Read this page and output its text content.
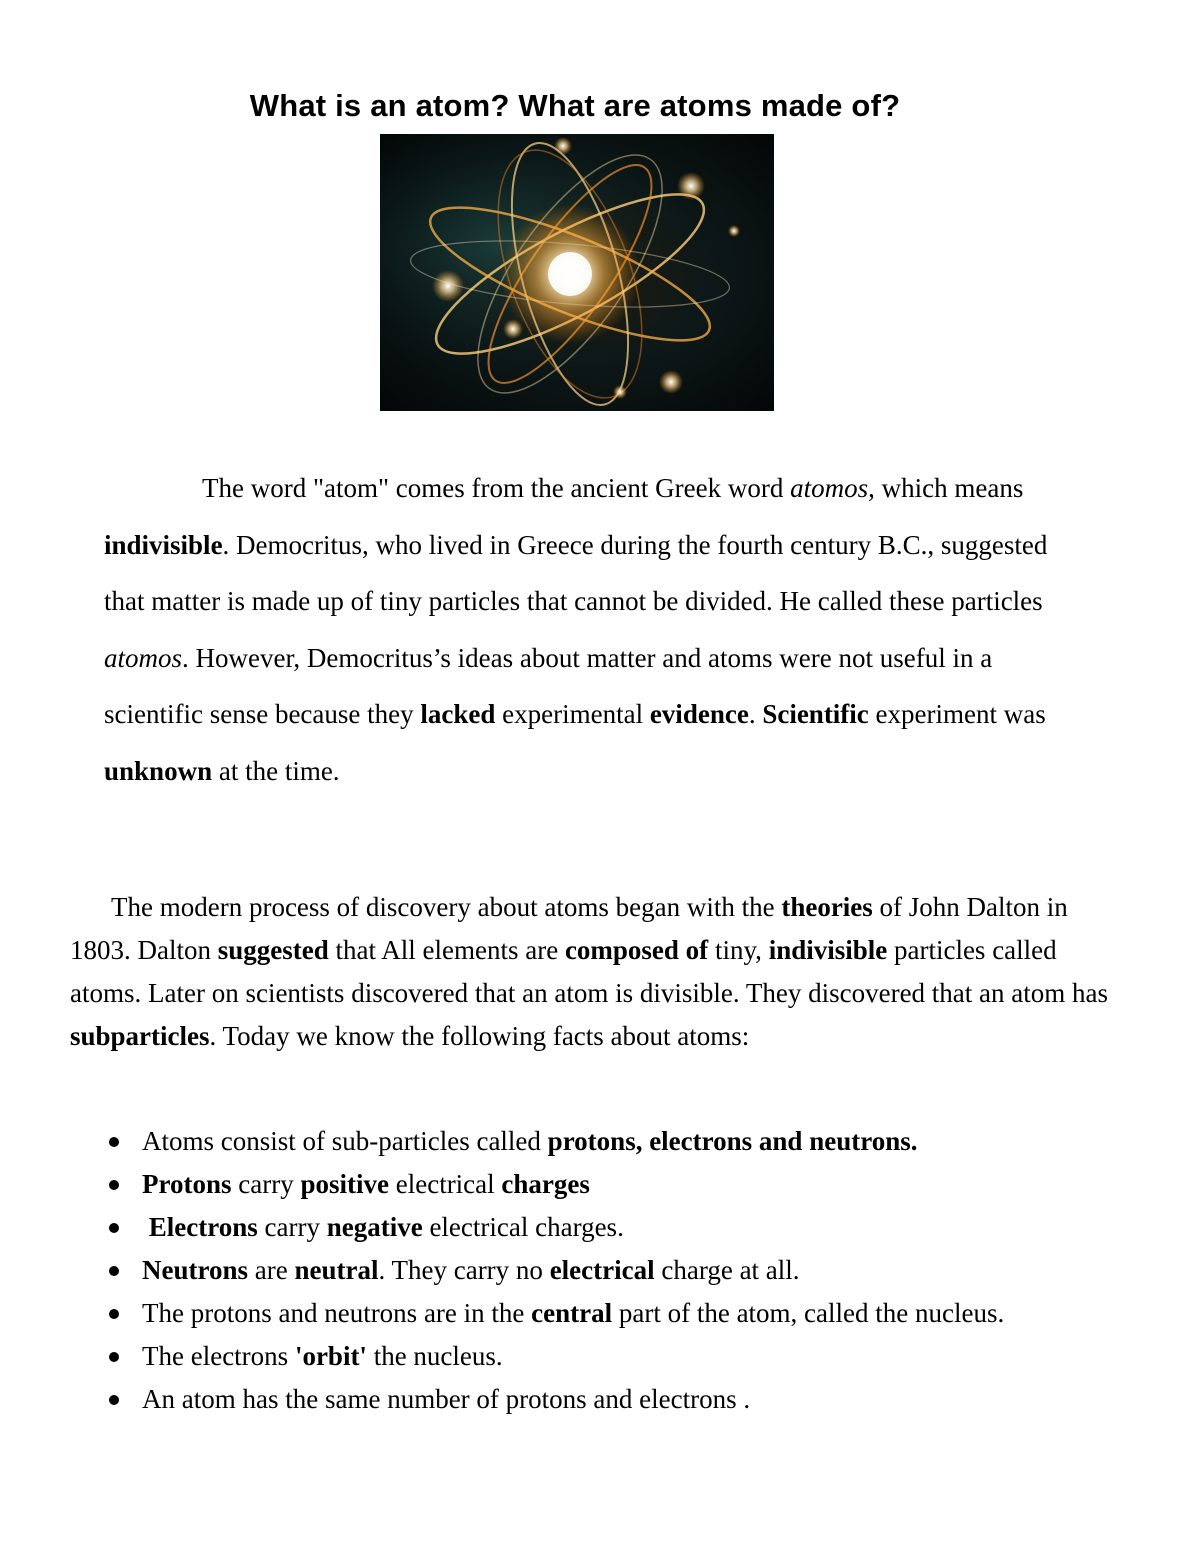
What is an atom? What are atoms made of?

The word "atom" comes from the ancient Greek word atomos, which means indivisible. Democritus, who lived in Greece during the fourth century B.C., suggested that matter is made up of tiny particles that cannot be divided. He called these particles atomos. However, Democritus’s ideas about matter and atoms were not useful in a scientific sense because they lacked experimental evidence. Scientific experiment was unknown at the time.

The modern process of discovery about atoms began with the theories of John Dalton in 1803. Dalton suggested that All elements are composed of tiny, indivisible particles called atoms. Later on scientists discovered that an atom is divisible. They discovered that an atom has subparticles. Today we know the following facts about atoms:

Atoms consist of sub-particles called protons, electrons and neutrons.
Protons carry positive electrical charges
Electrons carry negative electrical charges.
Neutrons are neutral. They carry no electrical charge at all.
The protons and neutrons are in the central part of the atom, called the nucleus.
The electrons 'orbit' the nucleus.
An atom has the same number of protons and electrons .
